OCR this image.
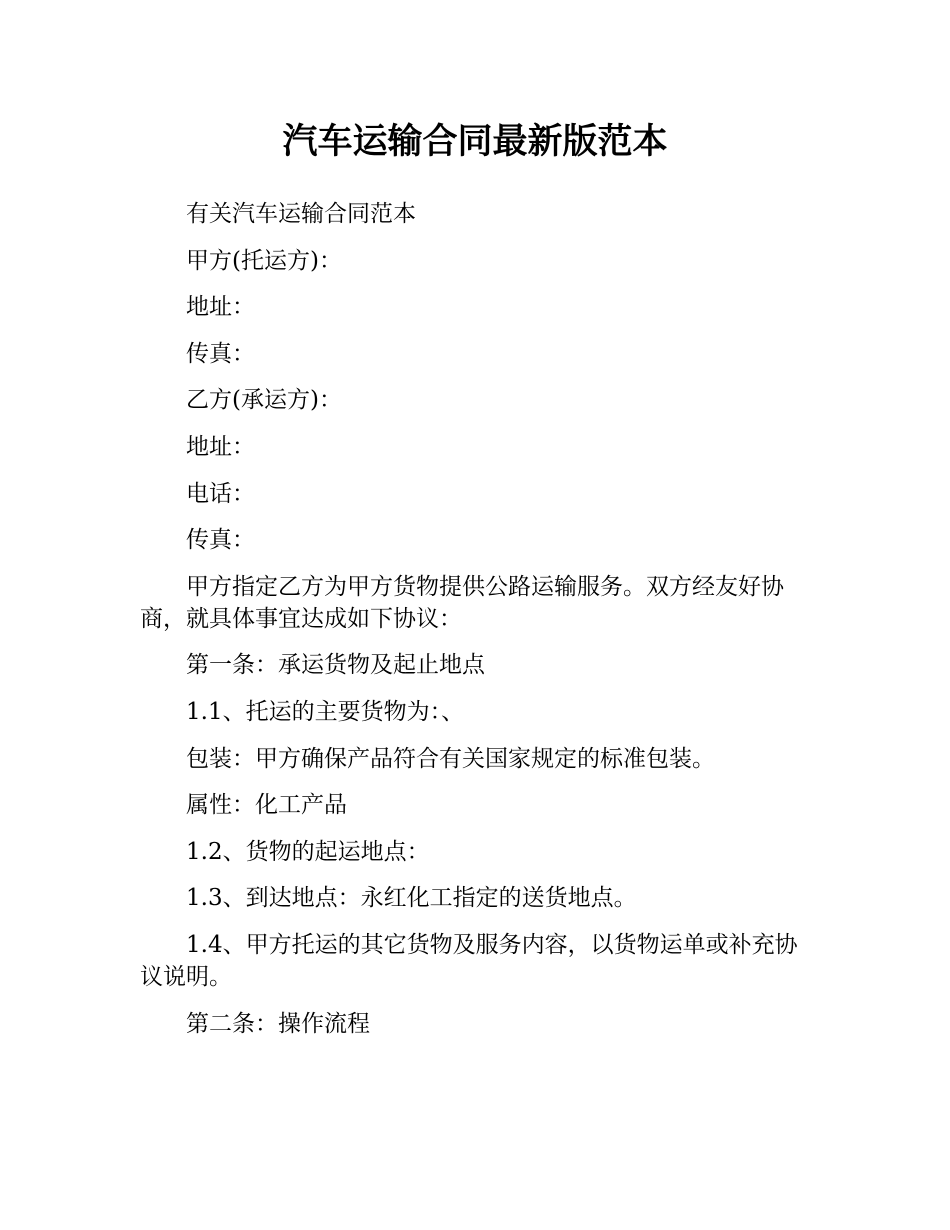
汽车运输合同最新版范本

有关汽车运输合同范本

甲方(托运方)：

地址：

传真：

乙方(承运方)：

地址：

电话：

传真：

甲方指定乙方为甲方货物提供公路运输服务。双方经友好协商，就具体事宜达成如下协议：

第一条：承运货物及起止地点

1.1、托运的主要货物为：、

包装：甲方确保产品符合有关国家规定的标准包装。

属性：化工产品

1.2、货物的起运地点：

1.3、到达地点：永红化工指定的送货地点。

1.4、甲方托运的其它货物及服务内容，以货物运单或补充协议说明。

第二条：操作流程
